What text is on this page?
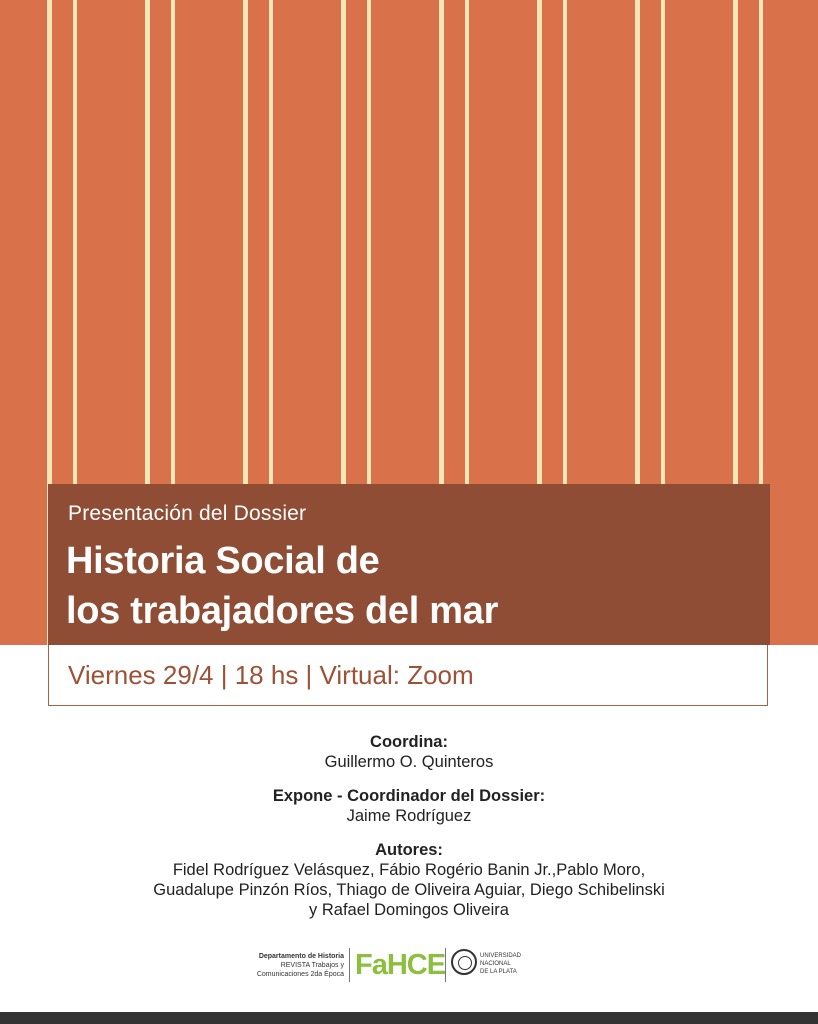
Presentación del Dossier
Historia Social de
los trabajadores del mar
Viernes 29/4 | 18 hs | Virtual: Zoom
Coordina:
Guillermo O. Quinteros
Expone - Coordinador del Dossier:
Jaime Rodríguez
Autores:
Fidel Rodríguez Velásquez, Fábio Rogério Banin Jr.,Pablo Moro,
Guadalupe Pinzón Ríos, Thiago de Oliveira Aguiar, Diego Schibelinski
y Rafael Domingos Oliveira
Departamento de Historia
REVISTA Trabajos y
Comunicaciones 2da Época FaHCE	UNIVERSIDAD
NACIONAL
DE LA PLATA
